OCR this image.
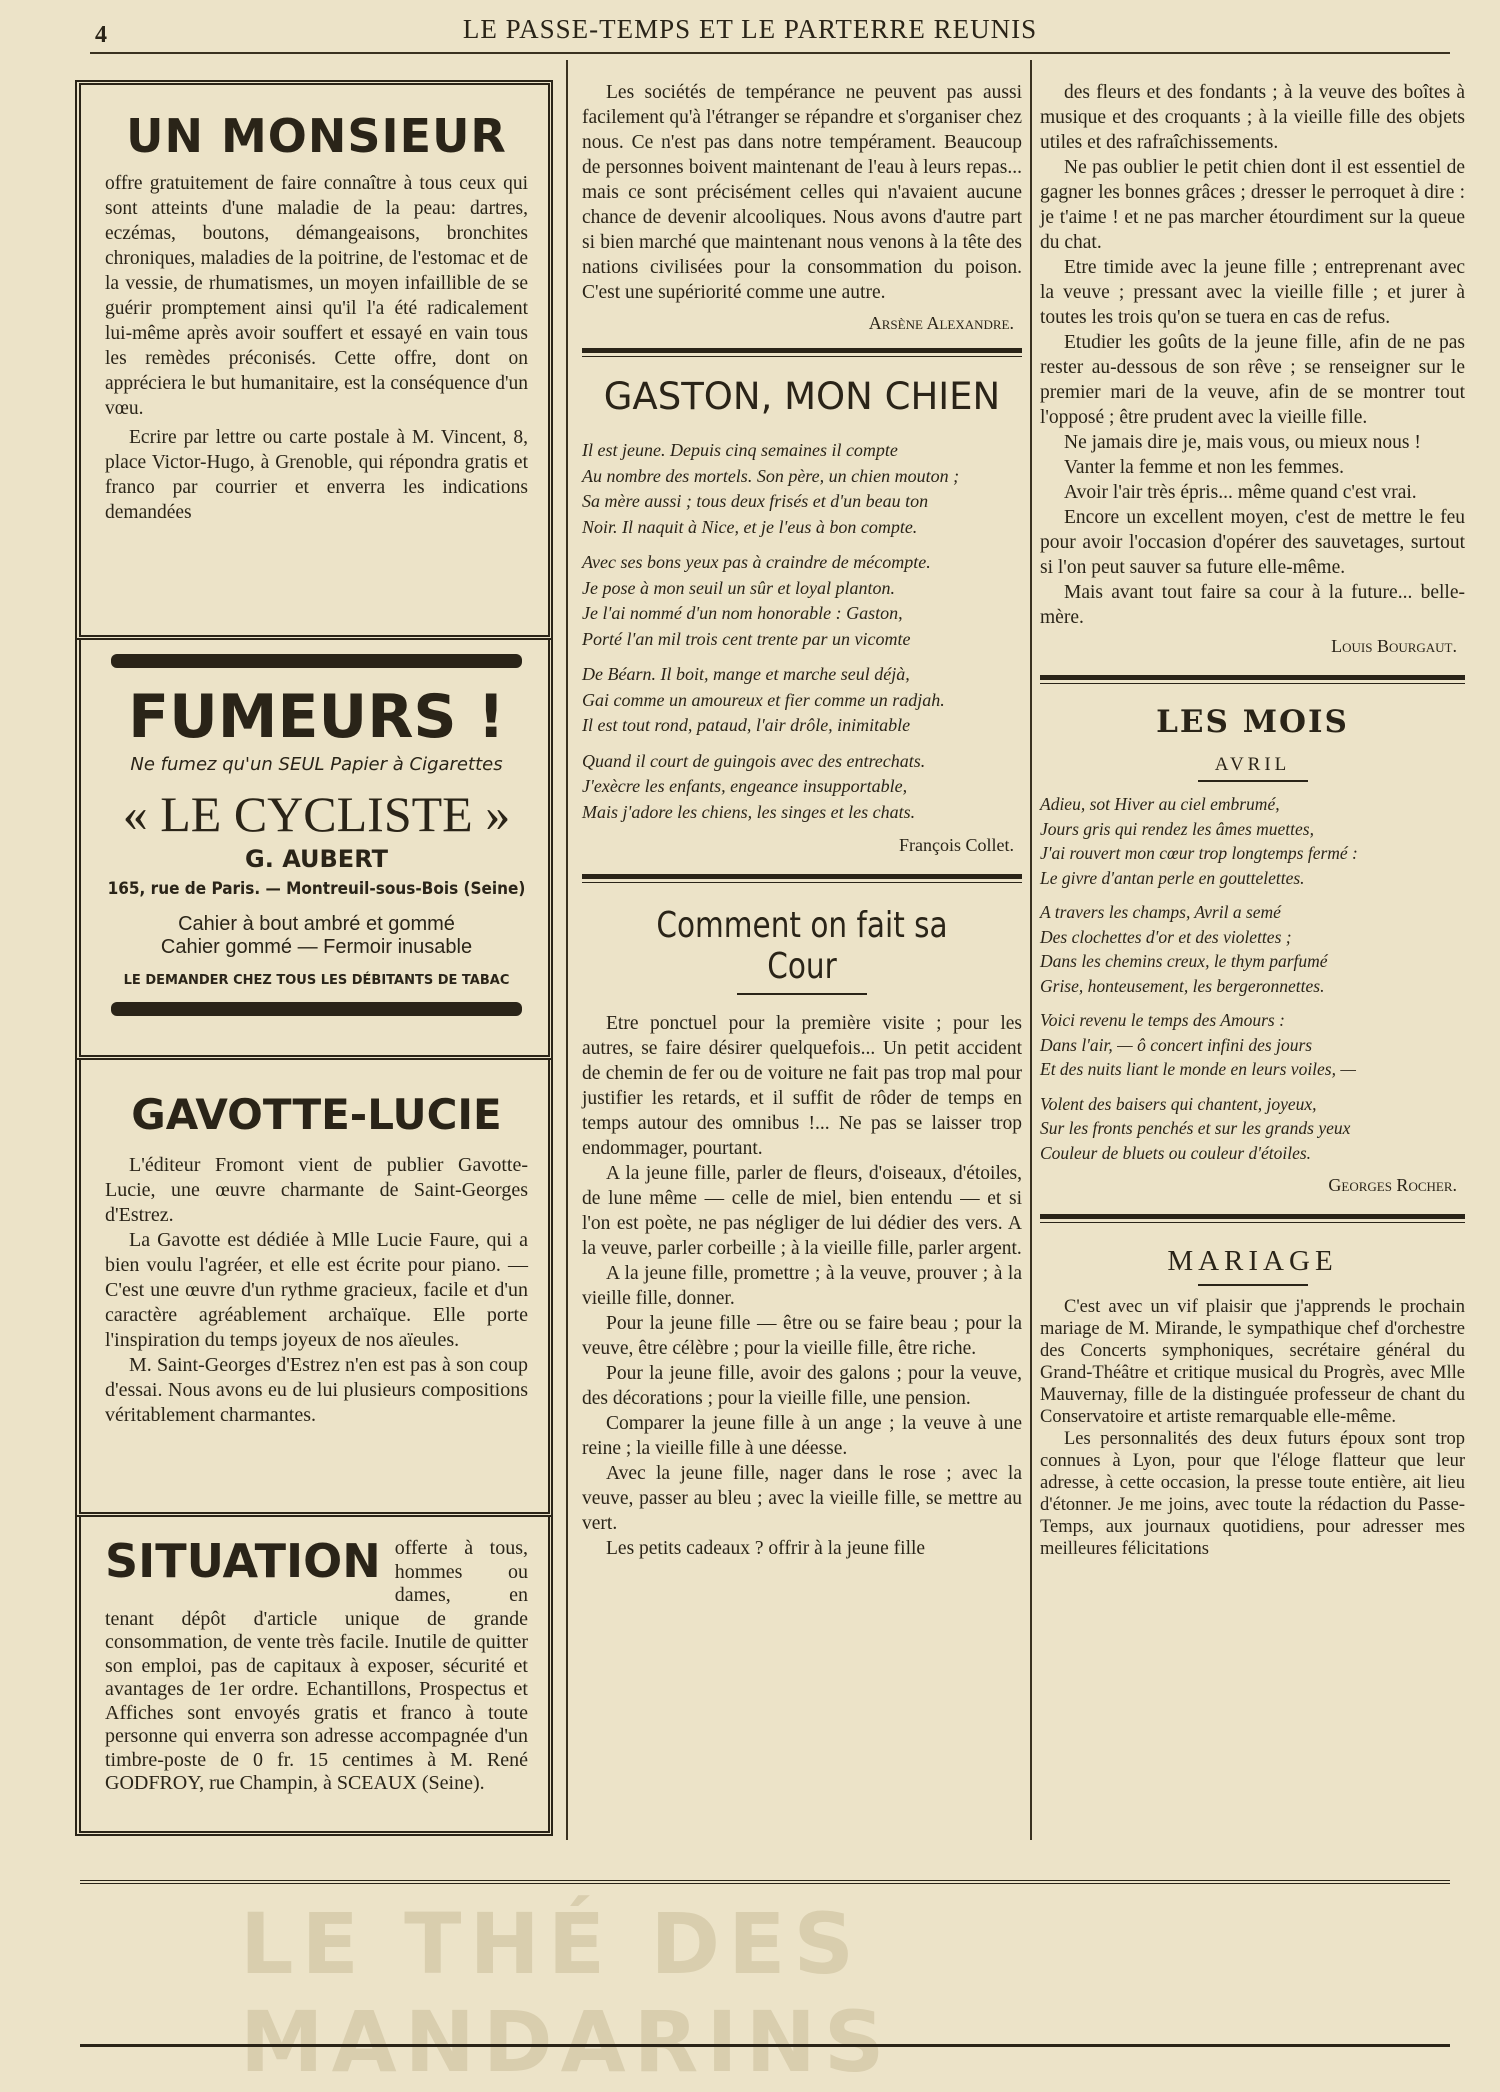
4	LE PASSE-TEMPS ET LE PARTERRE REUNIS
UN MONSIEUR

offre gratuitement de faire connaître à tous ceux qui sont atteints d'une maladie de la peau: dartres, eczémas, boutons, démangeaisons, bronchites chroniques, maladies de la poitrine, de l'estomac et de la vessie, de rhumatismes, un moyen infaillible de se guérir promptement ainsi qu'il l'a été radicalement lui-même après avoir souffert et essayé en vain tous les remèdes préconisés. Cette offre, dont on appréciera le but humanitaire, est la conséquence d'un vœu.

Ecrire par lettre ou carte postale à M. Vincent, 8, place Victor-Hugo, à Grenoble, qui répondra gratis et franco par courrier et enverra les indications demandées

FUMEURS !
Ne fumez qu'un SEUL Papier à Cigarettes
« LE CYCLISTE »
G. AUBERT
165, rue de Paris. — Montreuil-sous-Bois (Seine)
Cahier à bout ambré et gommé
Cahier gommé — Fermoir inusable
LE DEMANDER CHEZ TOUS LES DÉBITANTS DE TABAC
GAVOTTE-LUCIE

L'éditeur Fromont vient de publier Gavotte-Lucie, une œuvre charmante de Saint-Georges d'Estrez.

La Gavotte est dédiée à Mlle Lucie Faure, qui a bien voulu l'agréer, et elle est écrite pour piano. — C'est une œuvre d'un rythme gracieux, facile et d'un caractère agréablement archaïque. Elle porte l'inspiration du temps joyeux de nos aïeules.

M. Saint-Georges d'Estrez n'en est pas à son coup d'essai. Nous avons eu de lui plusieurs compositions véritablement charmantes.

SITUATION offerte à tous, hommes ou dames, en tenant dépôt d'article unique de grande consommation, de vente très facile. Inutile de quitter son emploi, pas de capitaux à exposer, sécurité et avantages de 1er ordre. Echantillons, Prospectus et Affiches sont envoyés gratis et franco à toute personne qui enverra son adresse accompagnée d'un timbre-poste de 0 fr. 15 centimes à M. René GODFROY, rue Champin, à SCEAUX (Seine).

Les sociétés de tempérance ne peuvent pas aussi facilement qu'à l'étranger se répandre et s'organiser chez nous. Ce n'est pas dans notre tempérament. Beaucoup de personnes boivent maintenant de l'eau à leurs repas... mais ce sont précisément celles qui n'avaient aucune chance de devenir alcooliques. Nous avons d'autre part si bien marché que maintenant nous venons à la tête des nations civilisées pour la consommation du poison. C'est une supériorité comme une autre.

Arsène Alexandre.
GASTON, MON CHIEN
Il est jeune. Depuis cinq semaines il compte
Au nombre des mortels. Son père, un chien mouton ;
Sa mère aussi ; tous deux frisés et d'un beau ton
Noir. Il naquit à Nice, et je l'eus à bon compte.
Avec ses bons yeux pas à craindre de mécompte.
Je pose à mon seuil un sûr et loyal planton.
Je l'ai nommé d'un nom honorable : Gaston,
Porté l'an mil trois cent trente par un vicomte
De Béarn. Il boit, mange et marche seul déjà,
Gai comme un amoureux et fier comme un radjah.
Il est tout rond, pataud, l'air drôle, inimitable
Quand il court de guingois avec des entrechats.
J'exècre les enfants, engeance insupportable,
Mais j'adore les chiens, les singes et les chats.
François Collet.
Comment on fait sa Cour

Etre ponctuel pour la première visite ; pour les autres, se faire désirer quelquefois... Un petit accident de chemin de fer ou de voiture ne fait pas trop mal pour justifier les retards, et il suffit de rôder de temps en temps autour des omnibus !... Ne pas se laisser trop endommager, pourtant.

A la jeune fille, parler de fleurs, d'oiseaux, d'étoiles, de lune même — celle de miel, bien entendu — et si l'on est poète, ne pas négliger de lui dédier des vers. A la veuve, parler corbeille ; à la vieille fille, parler argent.

A la jeune fille, promettre ; à la veuve, prouver ; à la vieille fille, donner.

Pour la jeune fille — être ou se faire beau ; pour la veuve, être célèbre ; pour la vieille fille, être riche.

Pour la jeune fille, avoir des galons ; pour la veuve, des décorations ; pour la vieille fille, une pension.

Comparer la jeune fille à un ange ; la veuve à une reine ; la vieille fille à une déesse.

Avec la jeune fille, nager dans le rose ; avec la veuve, passer au bleu ; avec la vieille fille, se mettre au vert.

Les petits cadeaux ? offrir à la jeune fille

des fleurs et des fondants ; à la veuve des boîtes à musique et des croquants ; à la vieille fille des objets utiles et des rafraîchissements.

Ne pas oublier le petit chien dont il est essentiel de gagner les bonnes grâces ; dresser le perroquet à dire : je t'aime ! et ne pas marcher étourdiment sur la queue du chat.

Etre timide avec la jeune fille ; entreprenant avec la veuve ; pressant avec la vieille fille ; et jurer à toutes les trois qu'on se tuera en cas de refus.

Etudier les goûts de la jeune fille, afin de ne pas rester au-dessous de son rêve ; se renseigner sur le premier mari de la veuve, afin de se montrer tout l'opposé ; être prudent avec la vieille fille.

Ne jamais dire je, mais vous, ou mieux nous !

Vanter la femme et non les femmes.

Avoir l'air très épris... même quand c'est vrai.

Encore un excellent moyen, c'est de mettre le feu pour avoir l'occasion d'opérer des sauvetages, surtout si l'on peut sauver sa future elle-même.

Mais avant tout faire sa cour à la future... belle-mère.

Louis Bourgaut.
LES MOIS
AVRIL
Adieu, sot Hiver au ciel embrumé,
Jours gris qui rendez les âmes muettes,
J'ai rouvert mon cœur trop longtemps fermé :
Le givre d'antan perle en gouttelettes.
A travers les champs, Avril a semé
Des clochettes d'or et des violettes ;
Dans les chemins creux, le thym parfumé
Grise, honteusement, les bergeronnettes.
Voici revenu le temps des Amours :
Dans l'air, — ô concert infini des jours
Et des nuits liant le monde en leurs voiles, —
Volent des baisers qui chantent, joyeux,
Sur les fronts penchés et sur les grands yeux
Couleur de bluets ou couleur d'étoiles.
Georges Rocher.
MARIAGE

C'est avec un vif plaisir que j'apprends le prochain mariage de M. Mirande, le sympathique chef d'orchestre des Concerts symphoniques, secrétaire général du Grand-Théâtre et critique musical du Progrès, avec Mlle Mauvernay, fille de la distinguée professeur de chant du Conservatoire et artiste remarquable elle-même.

Les personnalités des deux futurs époux sont trop connues à Lyon, pour que l'éloge flatteur que leur adresse, à cette occasion, la presse toute entière, ait lieu d'étonner. Je me joins, avec toute la rédaction du Passe-Temps, aux journaux quotidiens, pour adresser mes meilleures félicitations

LE THÉ DES MANDARINS
